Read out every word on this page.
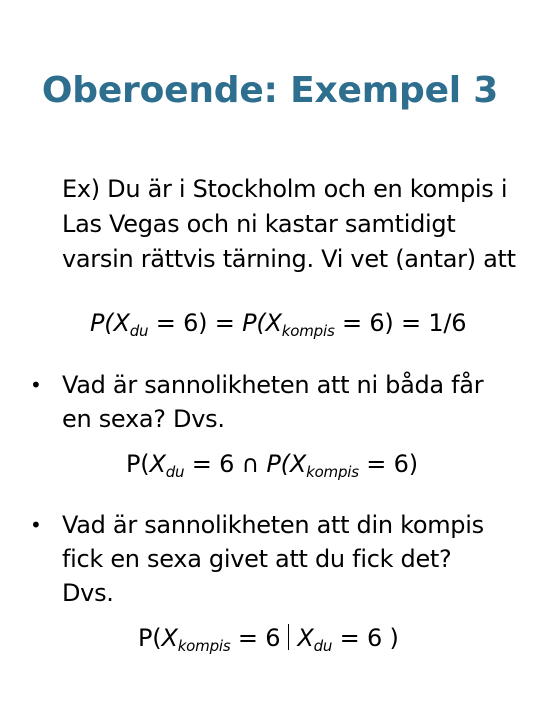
Oberoende: Exempel 3
Ex) Du är i Stockholm och en kompis i
Las Vegas och ni kastar samtidigt
varsin rättvis tärning. Vi vet (antar) att
$P(X_{du} = 6) = P(X_{kompis} = 6) = 1/6$
• Vad är sannolikheten att ni båda får
en sexa? Dvs.
$P(X_{du} = 6$ ∩ $P(X_{kompis} = 6)$
• Vad är sannolikheten att din kompis
fick en sexa givet att du fick det?
Dvs.
$P(X_{kompis} = 6$ $X_{du} = 6$ )
